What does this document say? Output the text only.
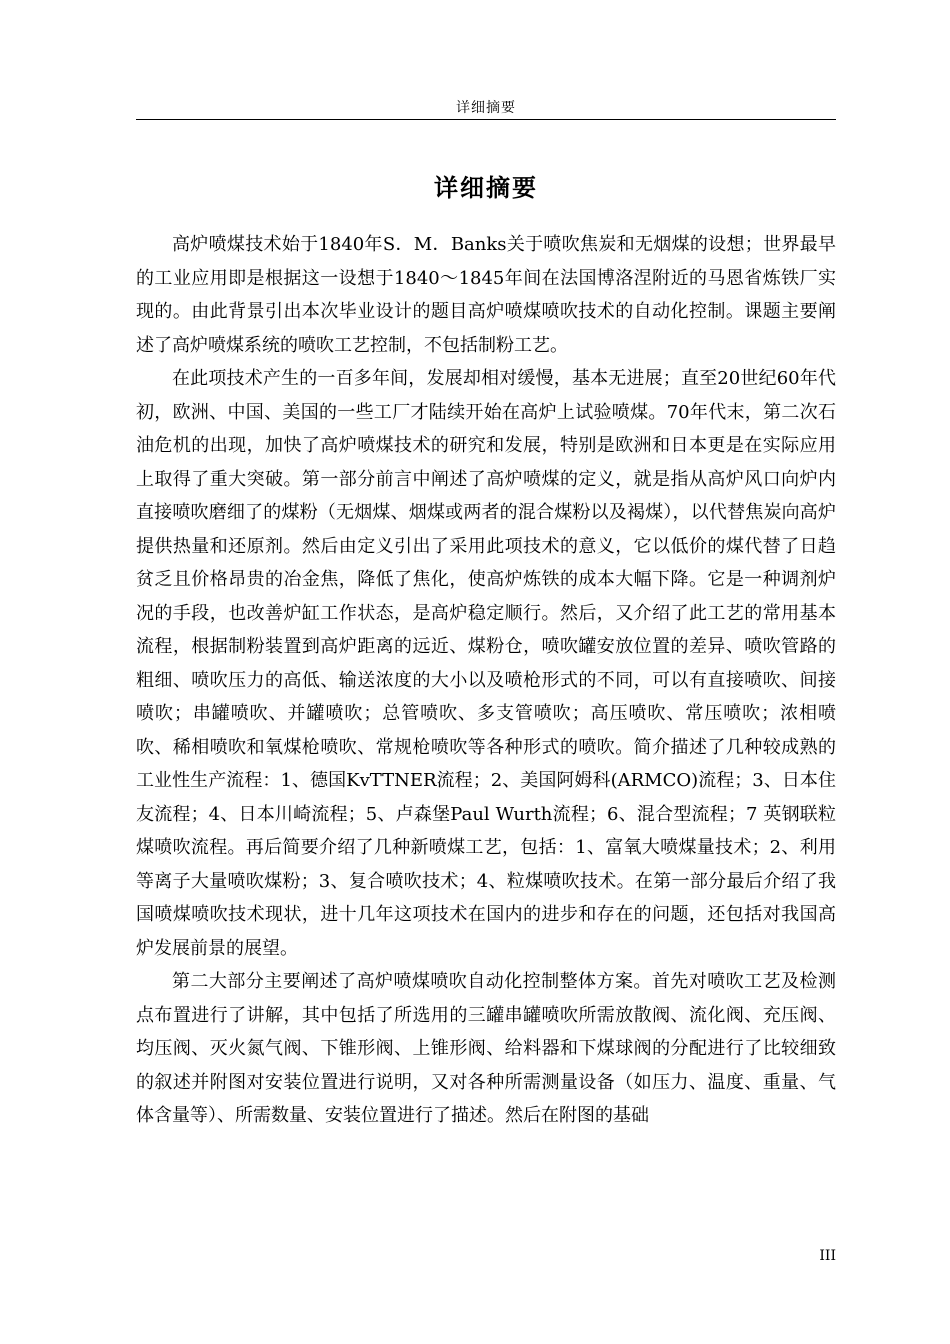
详细摘要
详细摘要

高炉喷煤技术始于1840年S．M．Banks关于喷吹焦炭和无烟煤的设想；世界最早的工业应用即是根据这一设想于1840～1845年间在法国博洛涅附近的马恩省炼铁厂实现的。由此背景引出本次毕业设计的题目高炉喷煤喷吹技术的自动化控制。课题主要阐述了高炉喷煤系统的喷吹工艺控制，不包括制粉工艺。

在此项技术产生的一百多年间，发展却相对缓慢，基本无进展；直至20世纪60年代初，欧洲、中国、美国的一些工厂才陆续开始在高炉上试验喷煤。70年代末，第二次石油危机的出现，加快了高炉喷煤技术的研究和发展，特别是欧洲和日本更是在实际应用上取得了重大突破。第一部分前言中阐述了高炉喷煤的定义，就是指从高炉风口向炉内直接喷吹磨细了的煤粉（无烟煤、烟煤或两者的混合煤粉以及褐煤），以代替焦炭向高炉提供热量和还原剂。然后由定义引出了采用此项技术的意义，它以低价的煤代替了日趋贫乏且价格昂贵的冶金焦，降低了焦化，使高炉炼铁的成本大幅下降。它是一种调剂炉况的手段，也改善炉缸工作状态，是高炉稳定顺行。然后，又介绍了此工艺的常用基本流程，根据制粉装置到高炉距离的远近、煤粉仓，喷吹罐安放位置的差异、喷吹管路的粗细、喷吹压力的高低、输送浓度的大小以及喷枪形式的不同，可以有直接喷吹、间接喷吹；串罐喷吹、并罐喷吹；总管喷吹、多支管喷吹；高压喷吹、常压喷吹；浓相喷吹、稀相喷吹和氧煤枪喷吹、常规枪喷吹等各种形式的喷吹。简介描述了几种较成熟的工业性生产流程：1、德国KvTTNER流程；2、美国阿姆科(ARMCO)流程；3、日本住友流程；4、日本川崎流程；5、卢森堡Paul Wurth流程；6、混合型流程；7 英钢联粒煤喷吹流程。再后简要介绍了几种新喷煤工艺，包括：1、富氧大喷煤量技术；2、利用等离子大量喷吹煤粉；3、复合喷吹技术；4、粒煤喷吹技术。在第一部分最后介绍了我国喷煤喷吹技术现状，进十几年这项技术在国内的进步和存在的问题，还包括对我国高炉发展前景的展望。

第二大部分主要阐述了高炉喷煤喷吹自动化控制整体方案。首先对喷吹工艺及检测点布置进行了讲解，其中包括了所选用的三罐串罐喷吹所需放散阀、流化阀、充压阀、均压阀、灭火氮气阀、下锥形阀、上锥形阀、给料器和下煤球阀的分配进行了比较细致的叙述并附图对安装位置进行说明，又对各种所需测量设备（如压力、温度、重量、气体含量等）、所需数量、安装位置进行了描述。然后在附图的基础

III
